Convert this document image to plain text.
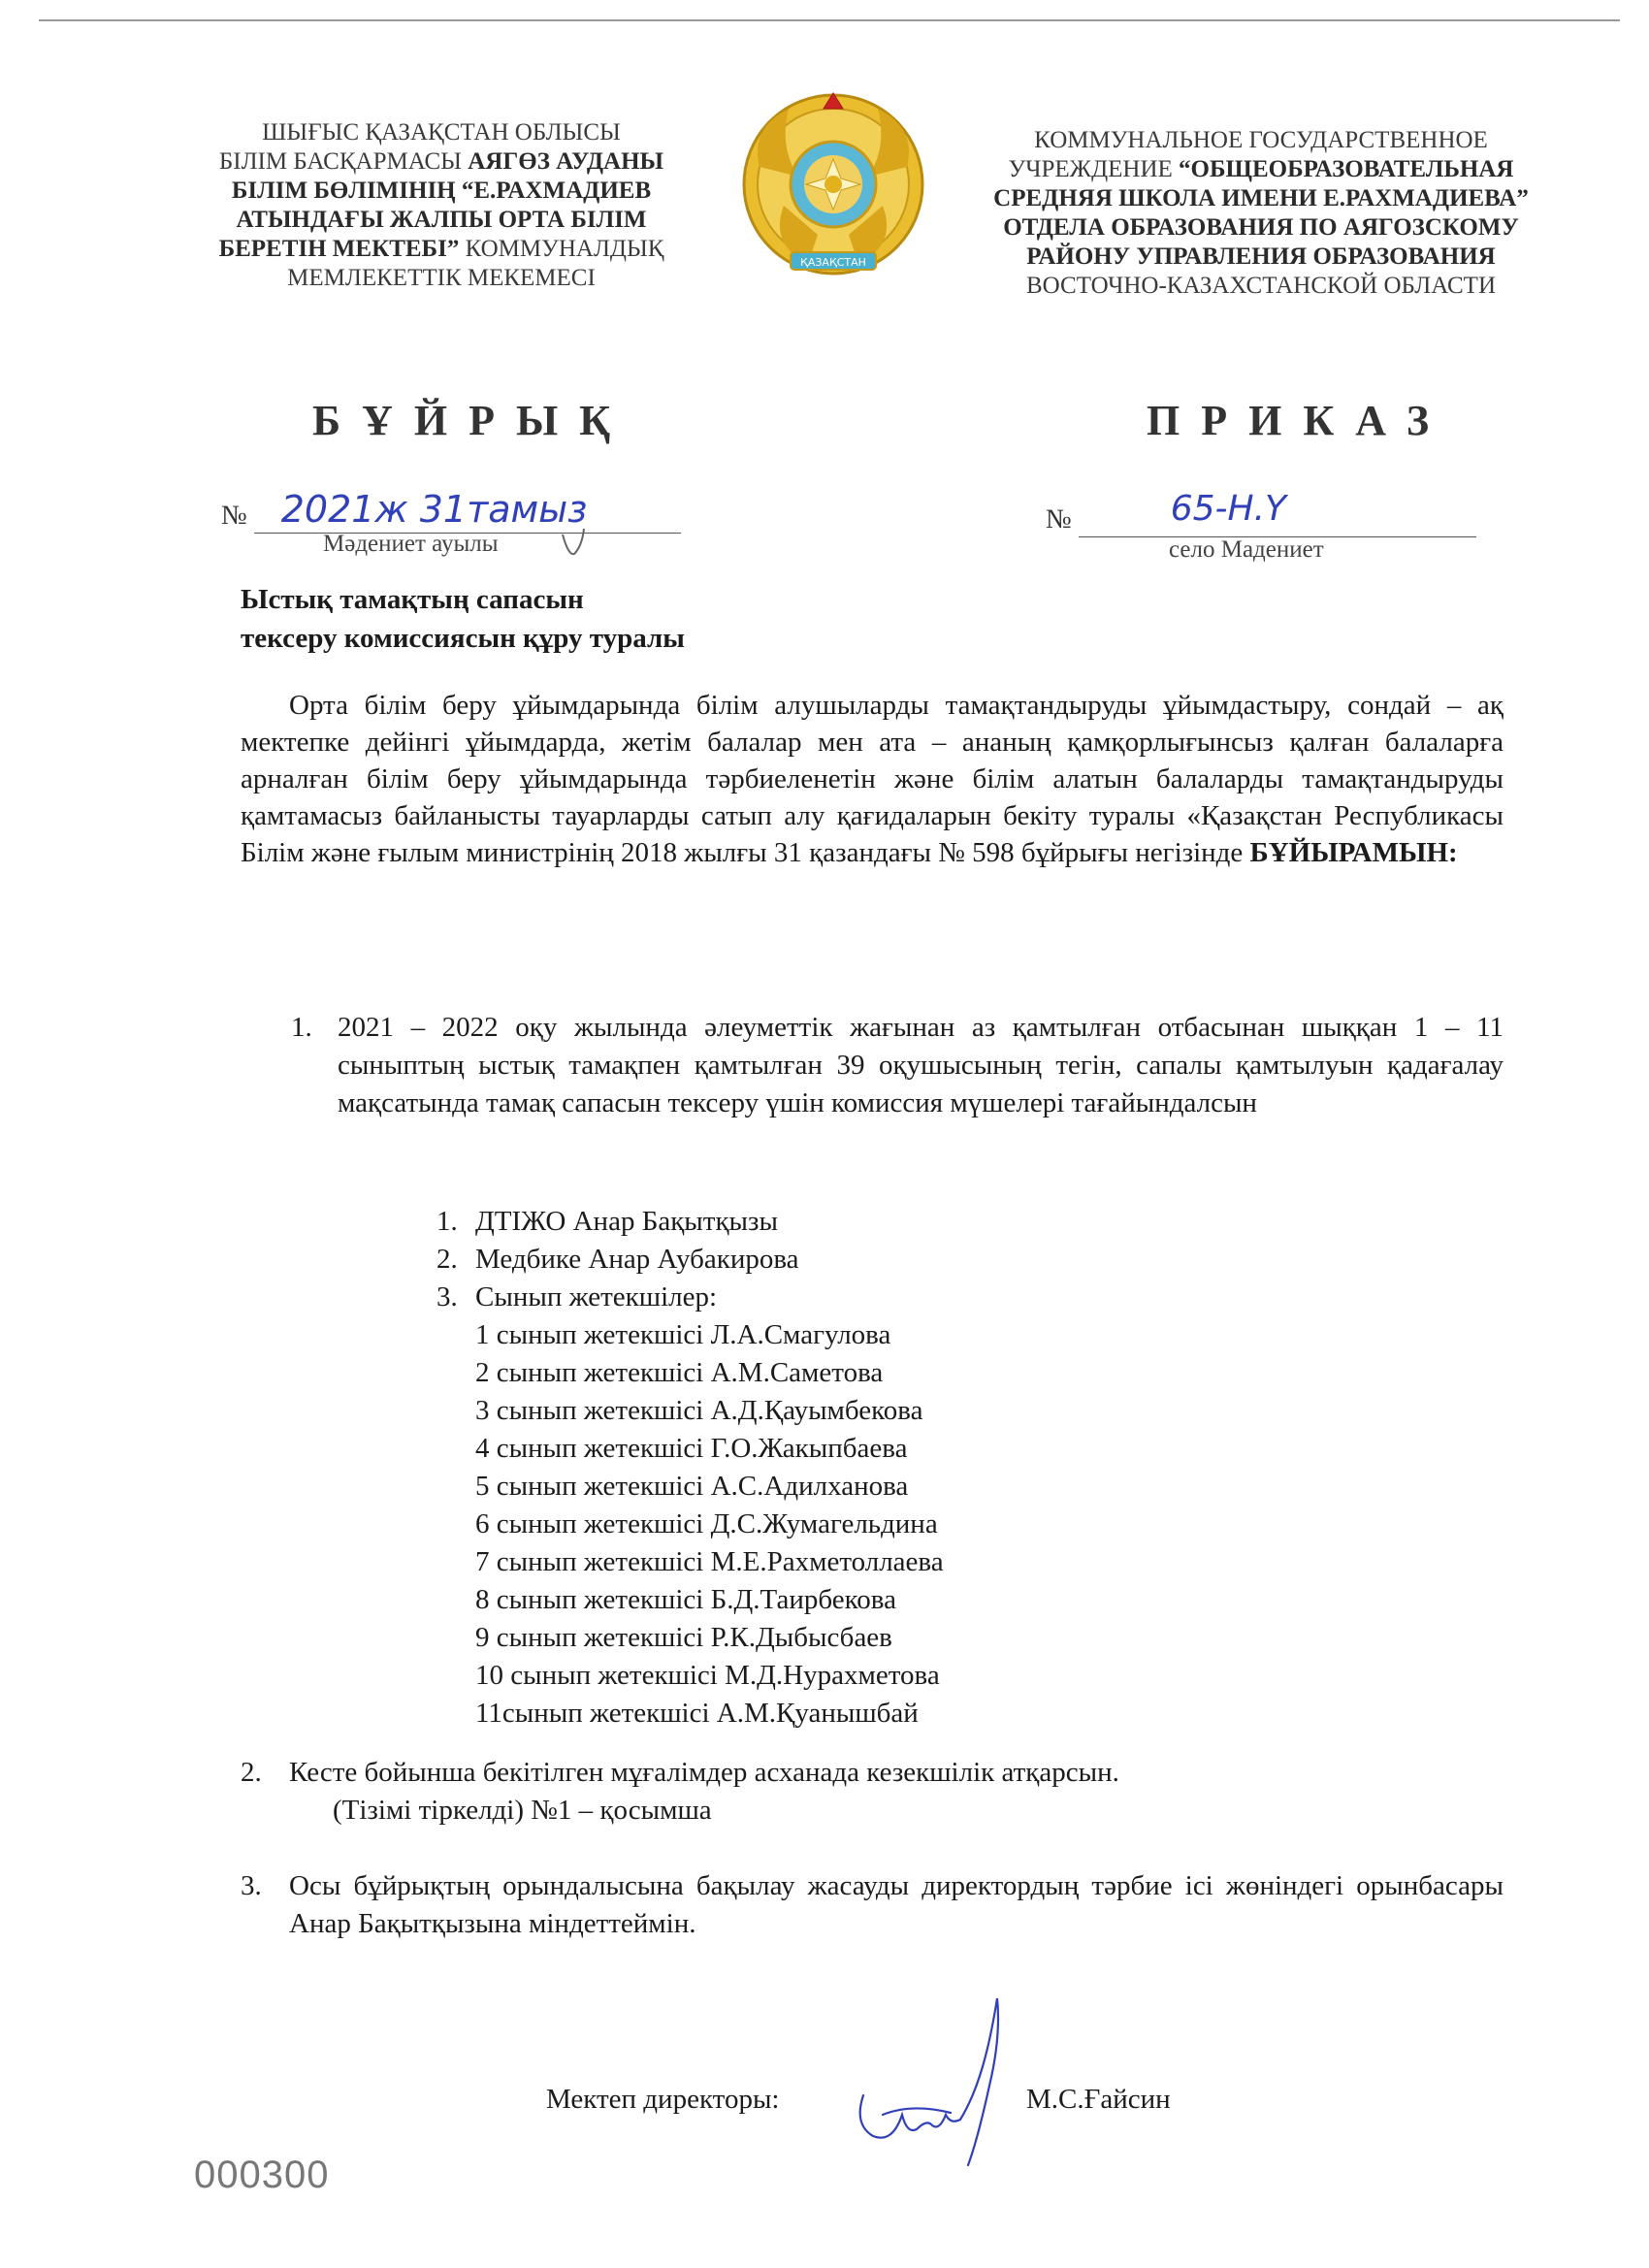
ШЫҒЫС ҚАЗАҚСТАН ОБЛЫСЫ
БІЛІМ БАСҚАРМАСЫ АЯГӨЗ АУДАНЫ
БІЛІМ БӨЛІМІНІҢ “Е.РАХМАДИЕВ
АТЫНДАҒЫ ЖАЛПЫ ОРТА БІЛІМ
БЕРЕТІН МЕКТЕБІ” КОММУНАЛДЫҚ
МЕМЛЕКЕТТІК МЕКЕМЕСІ
ҚАЗАҚСТАН
КОММУНАЛЬНОЕ ГОСУДАРСТВЕННОЕ
УЧРЕЖДЕНИЕ “ОБЩЕОБРАЗОВАТЕЛЬНАЯ
СРЕДНЯЯ ШКОЛА ИМЕНИ Е.РАХМАДИЕВА”
ОТДЕЛА ОБРАЗОВАНИЯ ПО АЯГОЗСКОМУ
РАЙОНУ УПРАВЛЕНИЯ ОБРАЗОВАНИЯ
ВОСТОЧНО-КАЗАХСТАНСКОЙ ОБЛАСТИ
БҰЙРЫҚ	ПРИКАЗ
№ 2021ж 31тамыз
Мәдениет ауылы
№	65-Н.Ү
село Мадениет
Ыстық тамақтың сапасын
тексеру комиссиясын құру туралы
Орта білім беру ұйымдарында білім алушыларды тамақтандыруды ұйымдастыру, сондай – ақ мектепке дейінгі ұйымдарда, жетім балалар мен ата – ананың қамқорлығынсыз қалған балаларға арналған білім беру ұйымдарында тәрбиеленетін және білім алатын балаларды тамақтандыруды қамтамасыз байланысты тауарларды сатып алу қағидаларын бекіту туралы «Қазақстан Республикасы Білім және ғылым министрінің 2018 жылғы 31 қазандағы № 598 бұйрығы негізінде БҰЙЫРАМЫН:
1. 2021 – 2022 оқу жылында әлеуметтік жағынан аз қамтылған отбасынан шыққан 1 – 11 сыныптың ыстық тамақпен қамтылған 39 оқушысының тегін, сапалы қамтылуын қадағалау мақсатында тамақ сапасын тексеру үшін комиссия мүшелері тағайындалсын
1. ДТІЖО Анар Бақытқызы
2. Медбике Анар Аубакирова
3. Сынып жетекшілер:
1 сынып жетекшісі Л.А.Смагулова
2 сынып жетекшісі А.М.Саметова
3 сынып жетекшісі А.Д.Қауымбекова
4 сынып жетекшісі Г.О.Жакыпбаева
5 сынып жетекшісі А.С.Адилханова
6 сынып жетекшісі Д.С.Жумагельдина
7 сынып жетекшісі М.Е.Рахметоллаева
8 сынып жетекшісі Б.Д.Таирбекова
9 сынып жетекшісі Р.К.Дыбысбаев
10 сынып жетекшісі М.Д.Нурахметова
11сынып жетекшісі А.М.Қуанышбай
2. Кесте бойынша бекітілген мұғалімдер асханада кезекшілік атқарсын.
(Тізімі тіркелді) №1 – қосымша
3. Осы бұйрықтың орындалысына бақылау жасауды директордың тәрбие ісі жөніндегі орынбасары Анар Бақытқызына міндеттеймін.
Мектеп директоры:	М.С.Ғайсин
000300
